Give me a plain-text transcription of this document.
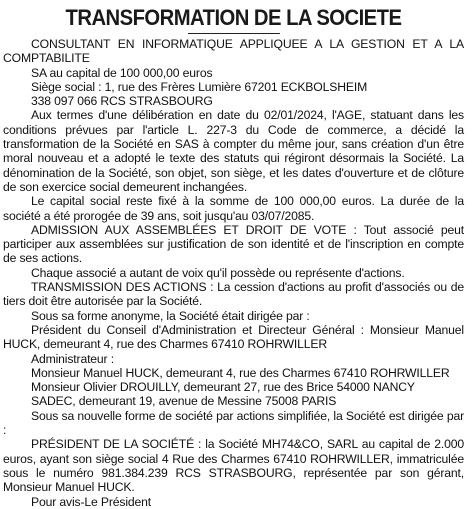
TRANSFORMATION DE LA SOCIETE

CONSULTANT EN INFORMATIQUE APPLIQUEE A LA GESTION ET A LA COMPTABILITE

SA au capital de 100 000,00 euros

Siège social : 1, rue des Frères Lumière 67201 ECKBOLSHEIM

338 097 066 RCS STRASBOURG

Aux termes d'une délibération en date du 02/01/2024, l'AGE, statuant dans les conditions prévues par l'article L. 227-3 du Code de commerce, a décidé la transformation de la Société en SAS à compter du même jour, sans création d'un être moral nouveau et a adopté le texte des statuts qui régiront désormais la Société. La dénomination de la Société, son objet, son siège, et les dates d'ouverture et de clôture de son exercice social demeurent inchangées.

Le capital social reste fixé à la somme de 100 000,00 euros. La durée de la société a été prorogée de 39 ans, soit jusqu'au 03/07/2085.

ADMISSION AUX ASSEMBLÉES ET DROIT DE VOTE : Tout associé peut participer aux assemblées sur justification de son identité et de l'inscription en compte de ses actions.

Chaque associé a autant de voix qu'il possède ou représente d'actions.

TRANSMISSION DES ACTIONS : La cession d'actions au profit d'associés ou de tiers doit être autorisée par la Société.

Sous sa forme anonyme, la Société était dirigée par :

Président du Conseil d'Administration et Directeur Général : Monsieur Manuel HUCK, demeurant 4, rue des Charmes 67410 ROHRWILLER

Administrateur :

Monsieur Manuel HUCK, demeurant 4, rue des Charmes 67410 ROHRWILLER

Monsieur Olivier DROUILLY, demeurant 27, rue des Brice 54000 NANCY

SADEC, demeurant 19, avenue de Messine 75008 PARIS

Sous sa nouvelle forme de société par actions simplifiée, la Société est dirigée par :

PRÉSIDENT DE LA SOCIÉTÉ : la Société MH74&CO, SARL au capital de 2.000 euros, ayant son siège social 4 Rue des Charmes 67410 ROHRWILLER, immatriculée sous le numéro 981.384.239 RCS STRASBOURG, représentée par son gérant, Monsieur Manuel HUCK.

Pour avis-Le Président
